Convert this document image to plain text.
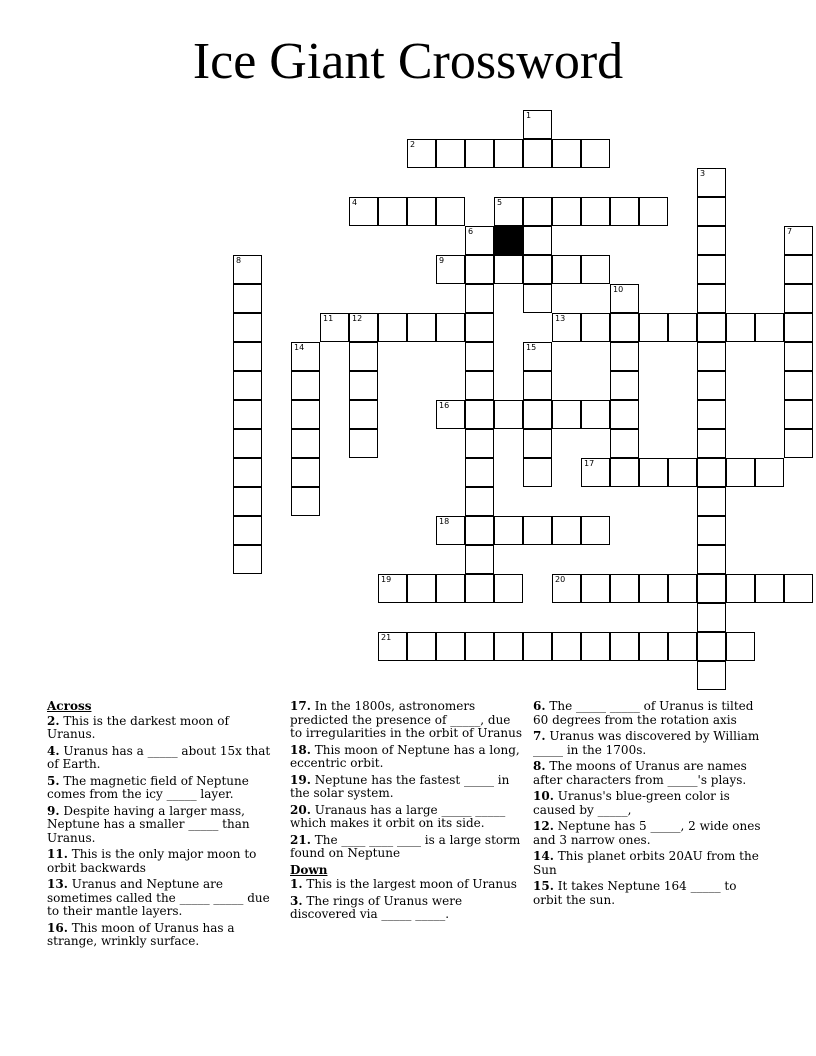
Ice Giant Crossword
1
2
3
4	5
6	7
8	9
10
11 12	13
14	15
16
17
18
19	20
21
Across
2. This is the darkest moon of Uranus.
4. Uranus has a _____ about 15x that of Earth.
5. The magnetic field of Neptune comes from the icy _____ layer.
9. Despite having a larger mass, Neptune has a smaller _____ than Uranus.
11. This is the only major moon to orbit backwards
13. Uranus and Neptune are sometimes called the _____ _____ due to their mantle layers.
16. This moon of Uranus has a strange, wrinkly surface.
17. In the 1800s, astronomers predicted the presence of _____, due to irregularities in the orbit of Uranus
18. This moon of Neptune has a long, eccentric orbit.
19. Neptune has the fastest _____ in the solar system.
20. Uranaus has a large _____ _____ which makes it orbit on its side.
21. The ____ ____ ____ is a large storm found on Neptune
Down
1. This is the largest moon of Uranus
3. The rings of Uranus were discovered via _____ _____.
6. The _____ _____ of Uranus is tilted 60 degrees from the rotation axis
7. Uranus was discovered by William _____ in the 1700s.
8. The moons of Uranus are names after characters from _____'s plays.
10. Uranus's blue-green color is caused by _____,
12. Neptune has 5 _____, 2 wide ones and 3 narrow ones.
14. This planet orbits 20AU from the Sun
15. It takes Neptune 164 _____ to orbit the sun.
